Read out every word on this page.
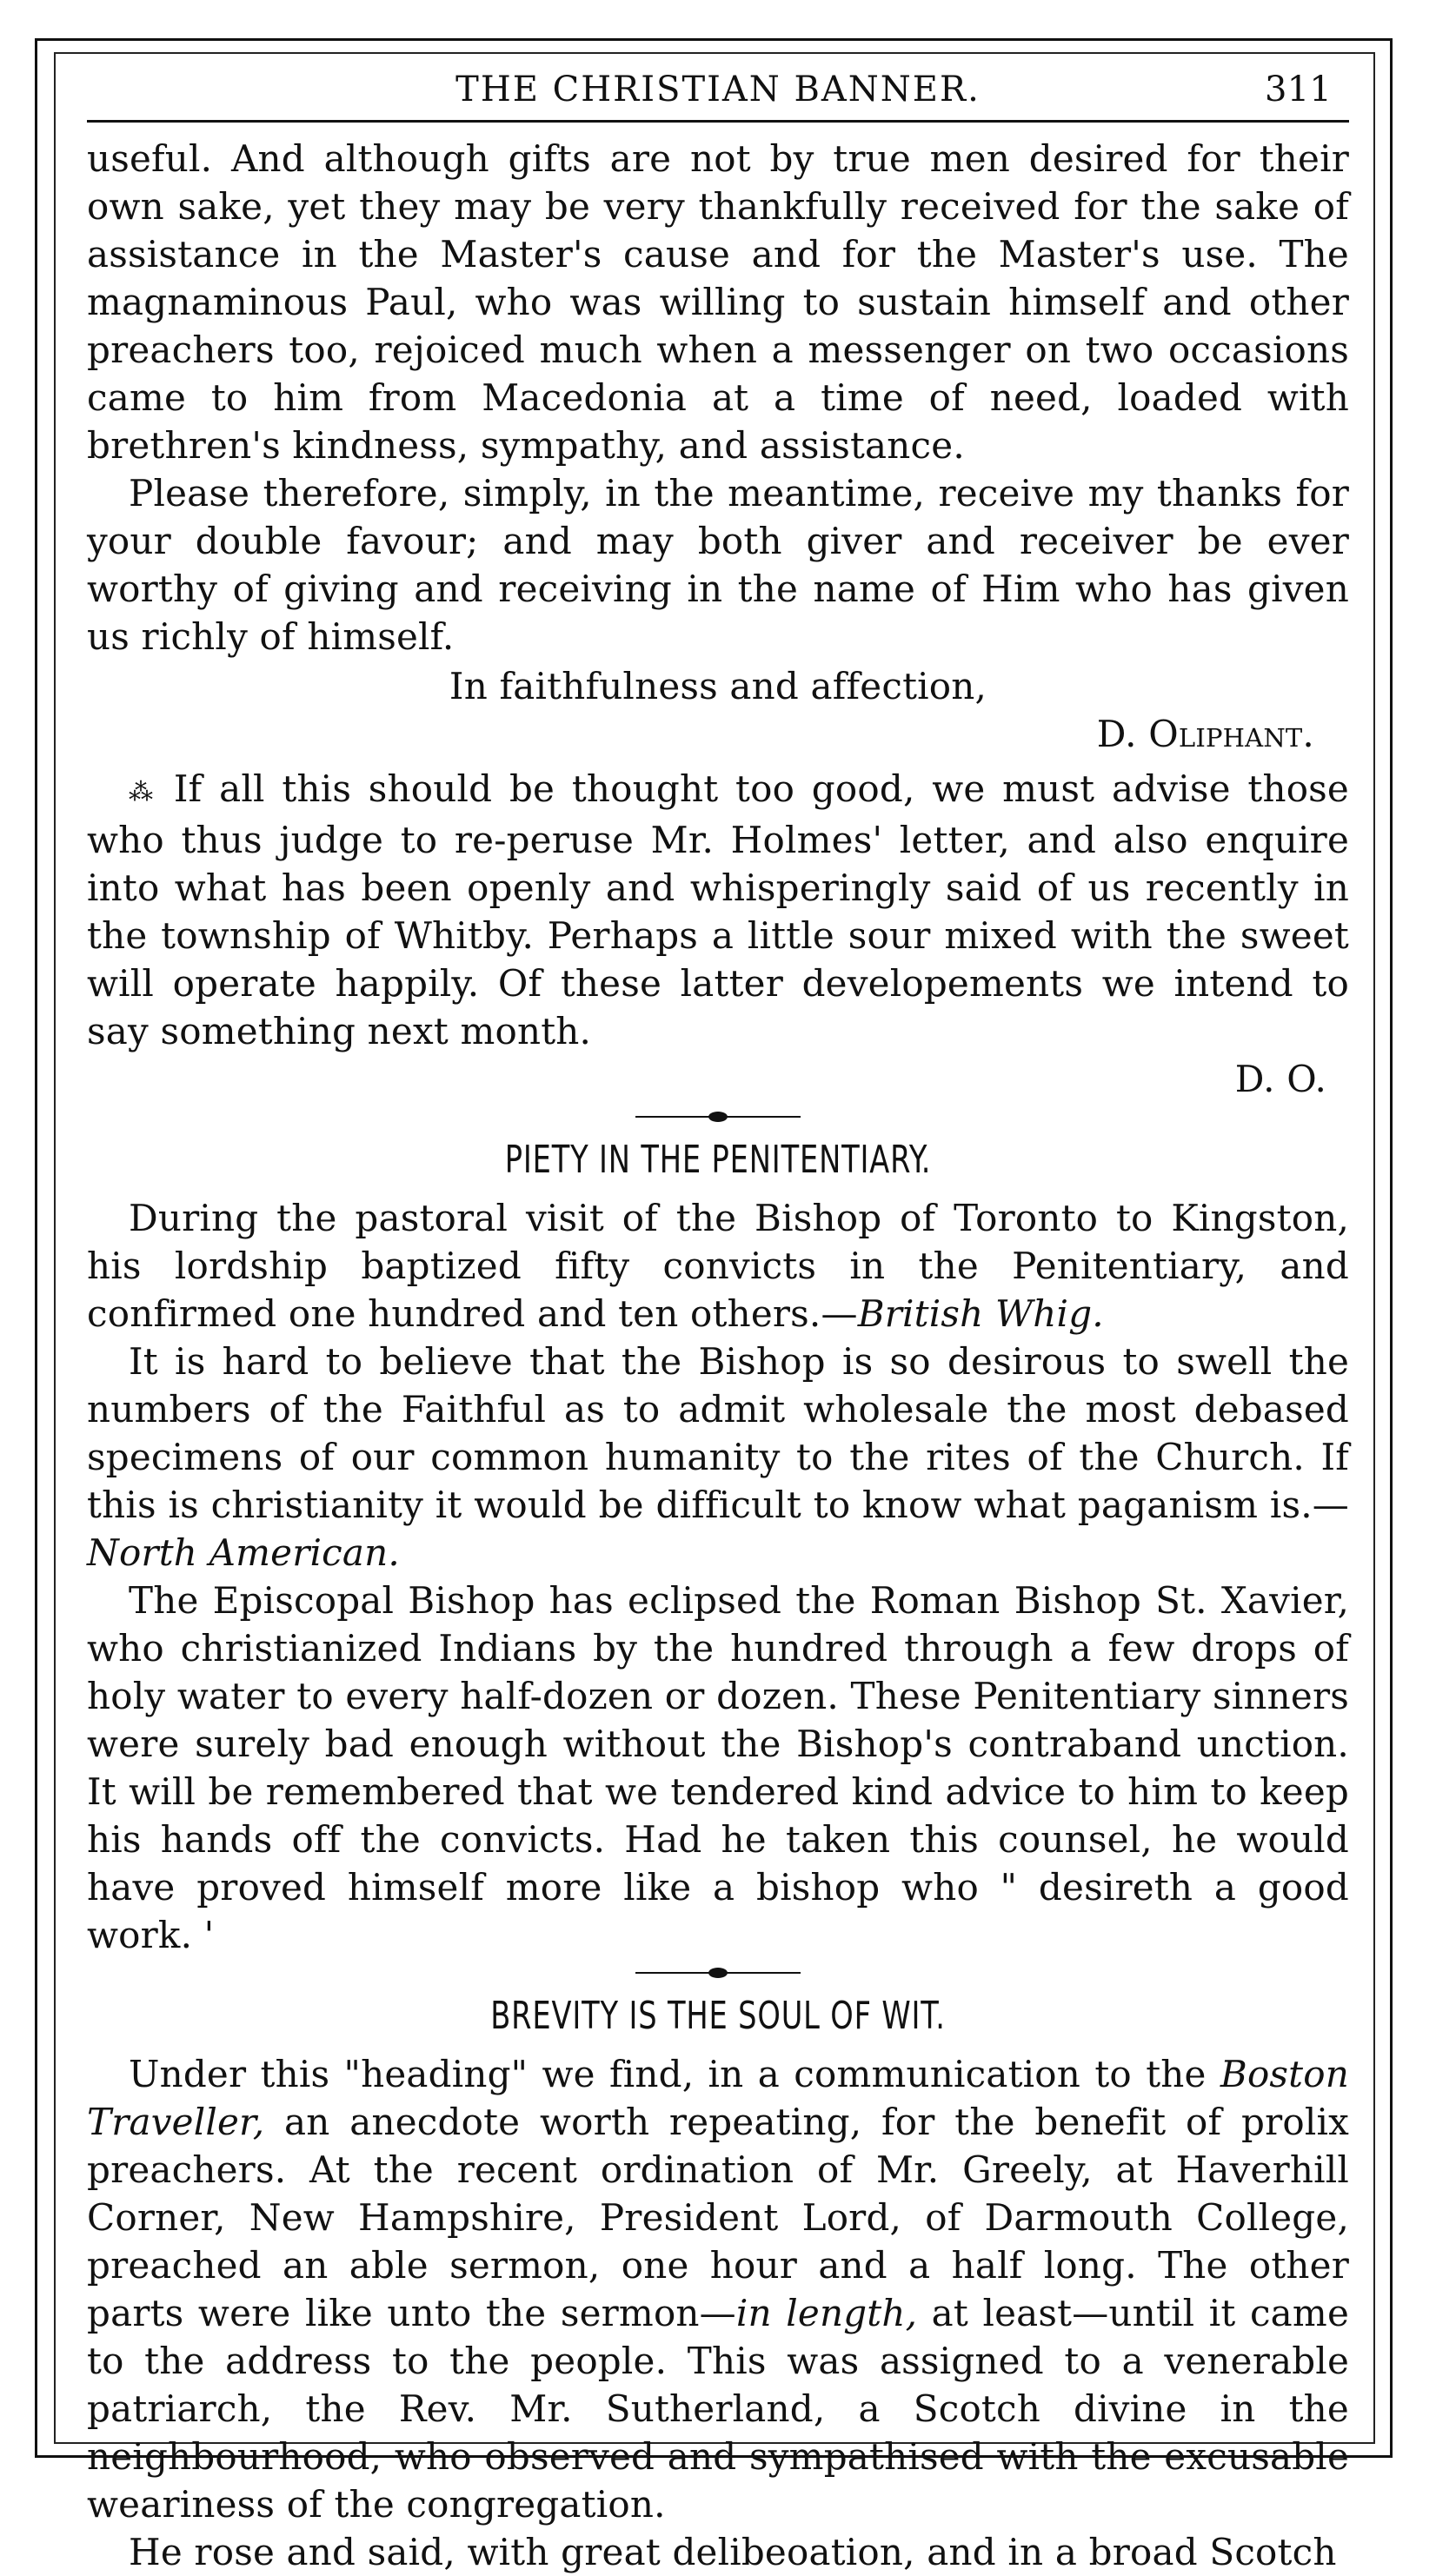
THE CHRISTIAN BANNER.	311

useful. And although gifts are not by true men desired for their own sake, yet they may be very thankfully received for the sake of assistance in the Master's cause and for the Master's use. The magnaminous Paul, who was willing to sustain himself and other preachers too, rejoiced much when a messenger on two occasions came to him from Macedonia at a time of need, loaded with brethren's kindness, sympathy, and assistance.

Please therefore, simply, in the meantime, receive my thanks for your double favour; and may both giver and receiver be ever worthy of giving and receiving in the name of Him who has given us richly of himself.

In faithfulness and affection,

D. Oliphant.

⁂ If all this should be thought too good, we must advise those who thus judge to re-peruse Mr. Holmes' letter, and also enquire into what has been openly and whisperingly said of us recently in the township of Whitby. Perhaps a little sour mixed with the sweet will operate happily. Of these latter developements we intend to say something next month.

D. O.

PIETY IN THE PENITENTIARY.

During the pastoral visit of the Bishop of Toronto to Kingston, his lordship baptized fifty convicts in the Penitentiary, and confirmed one hundred and ten others.—British Whig.

It is hard to believe that the Bishop is so desirous to swell the numbers of the Faithful as to admit wholesale the most debased specimens of our common humanity to the rites of the Church. If this is christianity it would be difficult to know what paganism is.—North American.

The Episcopal Bishop has eclipsed the Roman Bishop St. Xavier, who christianized Indians by the hundred through a few drops of holy water to every half-dozen or dozen. These Penitentiary sinners were surely bad enough without the Bishop's contraband unction. It will be remembered that we tendered kind advice to him to keep his hands off the convicts. Had he taken this counsel, he would have proved himself more like a bishop who " desireth a good work. '

BREVITY IS THE SOUL OF WIT.

Under this "heading" we find, in a communication to the Boston Traveller, an anecdote worth repeating, for the benefit of prolix preachers. At the recent ordination of Mr. Greely, at Haverhill Corner, New Hampshire, President Lord, of Darmouth College, preached an able sermon, one hour and a half long. The other parts were like unto the sermon—in length, at least—until it came to the address to the people. This was assigned to a venerable patriarch, the Rev. Mr. Sutherland, a Scotch divine in the neighbourhood, who observed and sympathised with the excusable weariness of the congregation.

He rose and said, with great delibeoation, and in a broad Scotch
